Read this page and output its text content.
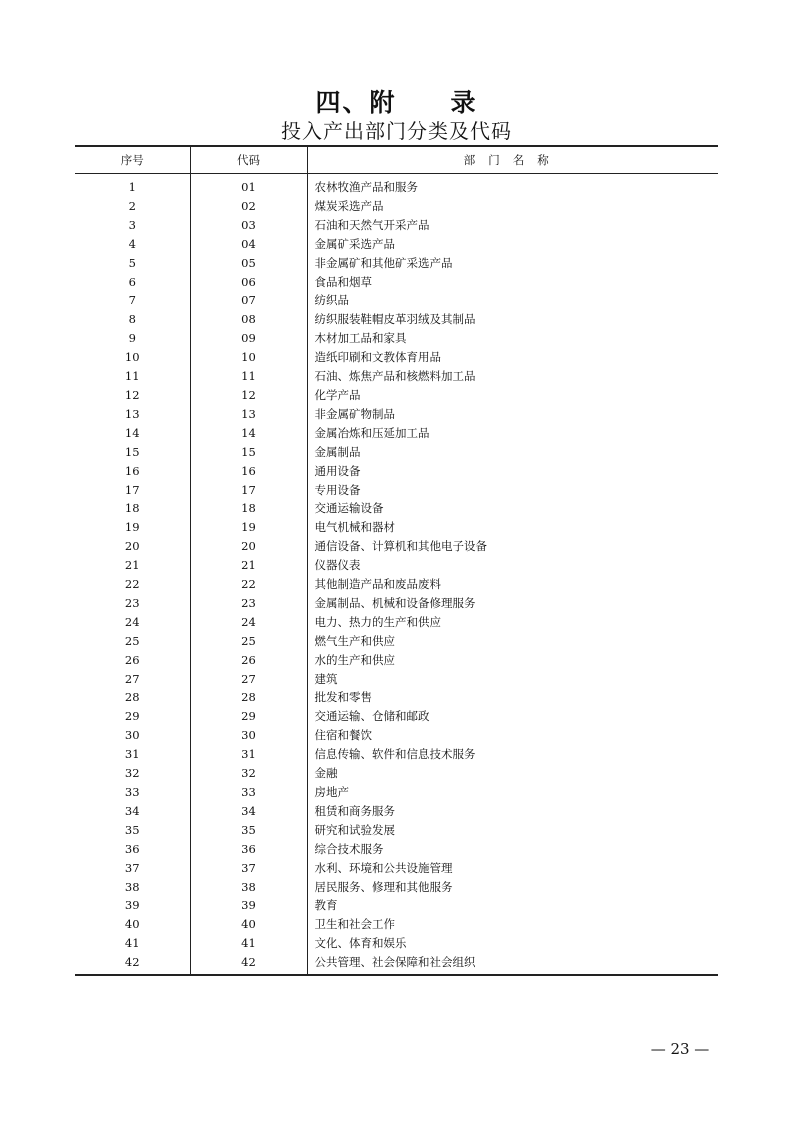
四、附　　录
投入产出部门分类及代码
序号	代码	部门名称
1	01	农林牧渔产品和服务
2	02	煤炭采选产品
3	03	石油和天然气开采产品
4	04	金属矿采选产品
5	05	非金属矿和其他矿采选产品
6	06	食品和烟草
7	07	纺织品
8	08	纺织服装鞋帽皮革羽绒及其制品
9	09	木材加工品和家具
10	10	造纸印刷和文教体育用品
11	11	石油、炼焦产品和核燃料加工品
12	12	化学产品
13	13	非金属矿物制品
14	14	金属冶炼和压延加工品
15	15	金属制品
16	16	通用设备
17	17	专用设备
18	18	交通运输设备
19	19	电气机械和器材
20	20	通信设备、计算机和其他电子设备
21	21	仪器仪表
22	22	其他制造产品和废品废料
23	23	金属制品、机械和设备修理服务
24	24	电力、热力的生产和供应
25	25	燃气生产和供应
26	26	水的生产和供应
27	27	建筑
28	28	批发和零售
29	29	交通运输、仓储和邮政
30	30	住宿和餐饮
31	31	信息传输、软件和信息技术服务
32	32	金融
33	33	房地产
34	34	租赁和商务服务
35	35	研究和试验发展
36	36	综合技术服务
37	37	水利、环境和公共设施管理
38	38	居民服务、修理和其他服务
39	39	教育
40	40	卫生和社会工作
41	41	文化、体育和娱乐
42	42	公共管理、社会保障和社会组织
— 23 —
